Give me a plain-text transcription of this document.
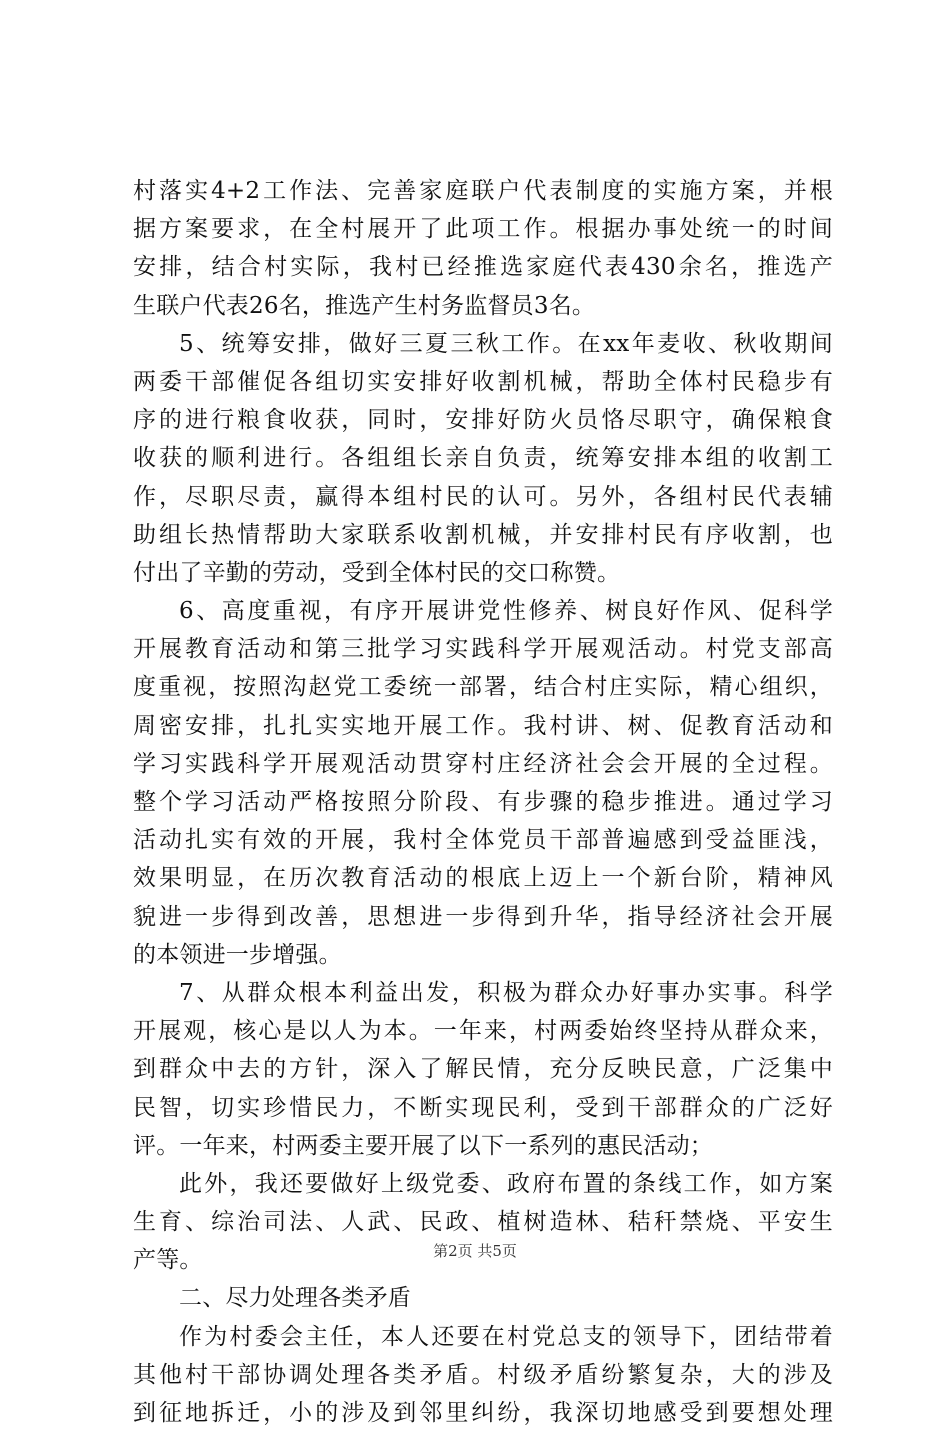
村落实4+2工作法、完善家庭联户代表制度的实施方案，并根
据方案要求，在全村展开了此项工作。根据办事处统一的时间
安排，结合村实际，我村已经推选家庭代表430余名，推选产
生联户代表26名，推选产生村务监督员3名。
5、统筹安排，做好三夏三秋工作。在xx年麦收、秋收期间
两委干部催促各组切实安排好收割机械，帮助全体村民稳步有
序的进行粮食收获，同时，安排好防火员恪尽职守，确保粮食
收获的顺利进行。各组组长亲自负责，统筹安排本组的收割工
作，尽职尽责，赢得本组村民的认可。另外，各组村民代表辅
助组长热情帮助大家联系收割机械，并安排村民有序收割，也
付出了辛勤的劳动，受到全体村民的交口称赞。
6、高度重视，有序开展讲党性修养、树良好作风、促科学
开展教育活动和第三批学习实践科学开展观活动。村党支部高
度重视，按照沟赵党工委统一部署，结合村庄实际，精心组织，
周密安排，扎扎实实地开展工作。我村讲、树、促教育活动和
学习实践科学开展观活动贯穿村庄经济社会会开展的全过程。
整个学习活动严格按照分阶段、有步骤的稳步推进。通过学习
活动扎实有效的开展，我村全体党员干部普遍感到受益匪浅，
效果明显，在历次教育活动的根底上迈上一个新台阶，精神风
貌进一步得到改善，思想进一步得到升华，指导经济社会开展
的本领进一步增强。
7、从群众根本利益出发，积极为群众办好事办实事。科学
开展观，核心是以人为本。一年来，村两委始终坚持从群众来，
到群众中去的方针，深入了解民情，充分反映民意，广泛集中
民智，切实珍惜民力，不断实现民利，受到干部群众的广泛好
评。一年来，村两委主要开展了以下一系列的惠民活动；
此外，我还要做好上级党委、政府布置的条线工作，如方案
生育、综治司法、人武、民政、植树造林、秸秆禁烧、平安生
产等。
二、尽力处理各类矛盾
作为村委会主任，本人还要在村党总支的领导下，团结带着
其他村干部协调处理各类矛盾。村级矛盾纷繁复杂，大的涉及
到征地拆迁，小的涉及到邻里纠纷，我深切地感受到要想处理
第2页 共5页
